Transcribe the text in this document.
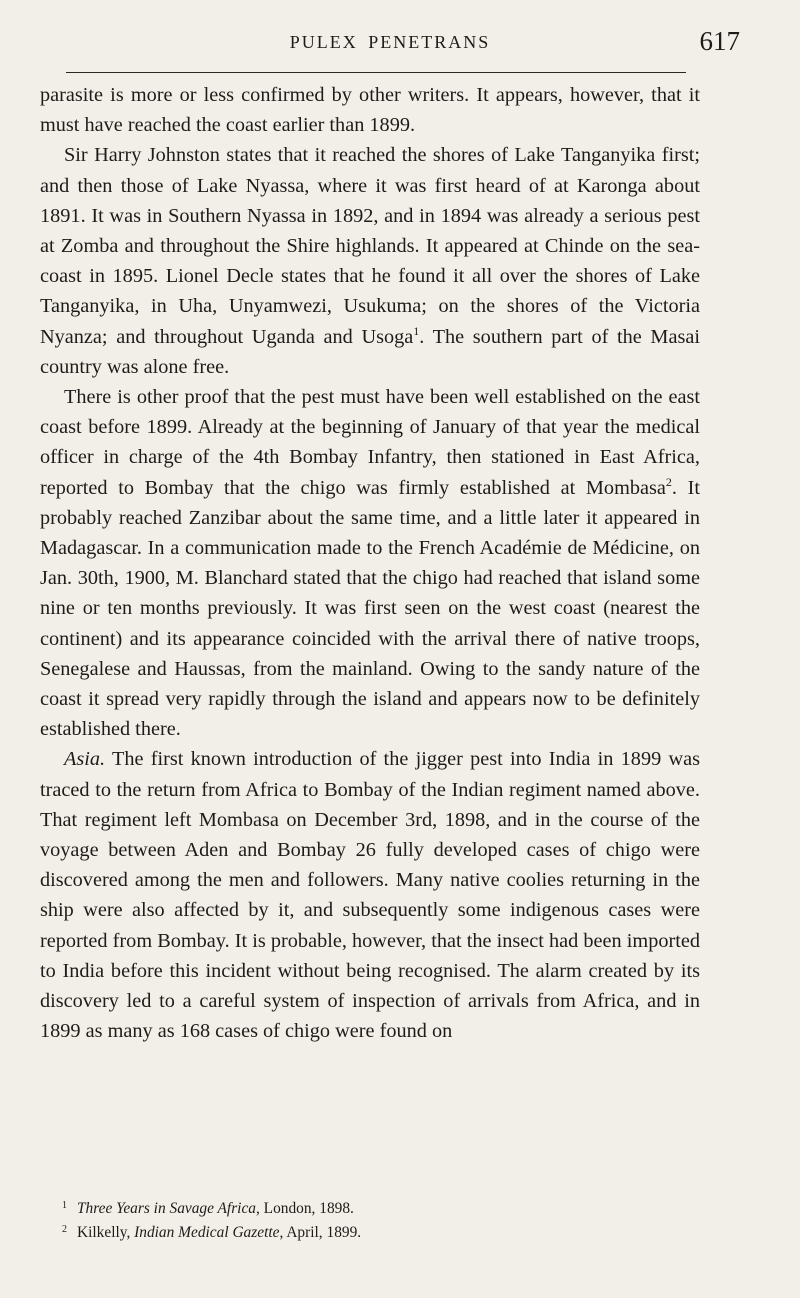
PULEX PENETRANS	617

parasite is more or less confirmed by other writers. It appears, however, that it must have reached the coast earlier than 1899.

Sir Harry Johnston states that it reached the shores of Lake Tanganyika first; and then those of Lake Nyassa, where it was first heard of at Karonga about 1891. It was in Southern Nyassa in 1892, and in 1894 was already a serious pest at Zomba and throughout the Shire highlands. It appeared at Chinde on the sea-coast in 1895. Lionel Decle states that he found it all over the shores of Lake Tanganyika, in Uha, Unyamwezi, Usukuma; on the shores of the Victoria Nyanza; and throughout Uganda and Usoga$^1$. The southern part of the Masai country was alone free.

There is other proof that the pest must have been well established on the east coast before 1899. Already at the beginning of January of that year the medical officer in charge of the 4th Bombay Infantry, then stationed in East Africa, reported to Bombay that the chigo was firmly established at Mombasa$^2$. It probably reached Zanzibar about the same time, and a little later it appeared in Madagascar. In a communication made to the French Académie de Médicine, on Jan. 30th, 1900, M. Blanchard stated that the chigo had reached that island some nine or ten months previously. It was first seen on the west coast (nearest the continent) and its appearance coincided with the arrival there of native troops, Senegalese and Haussas, from the mainland. Owing to the sandy nature of the coast it spread very rapidly through the island and appears now to be definitely established there.

Asia. The first known introduction of the jigger pest into India in 1899 was traced to the return from Africa to Bombay of the Indian regiment named above. That regiment left Mombasa on December 3rd, 1898, and in the course of the voyage between Aden and Bombay 26 fully developed cases of chigo were discovered among the men and followers. Many native coolies returning in the ship were also affected by it, and subsequently some indigenous cases were reported from Bombay. It is probable, however, that the insect had been imported to India before this incident without being recognised. The alarm created by its discovery led to a careful system of inspection of arrivals from Africa, and in 1899 as many as 168 cases of chigo were found on

$^1$ Three Years in Savage Africa, London, 1898.

$^2$ Kilkelly, Indian Medical Gazette, April, 1899.
